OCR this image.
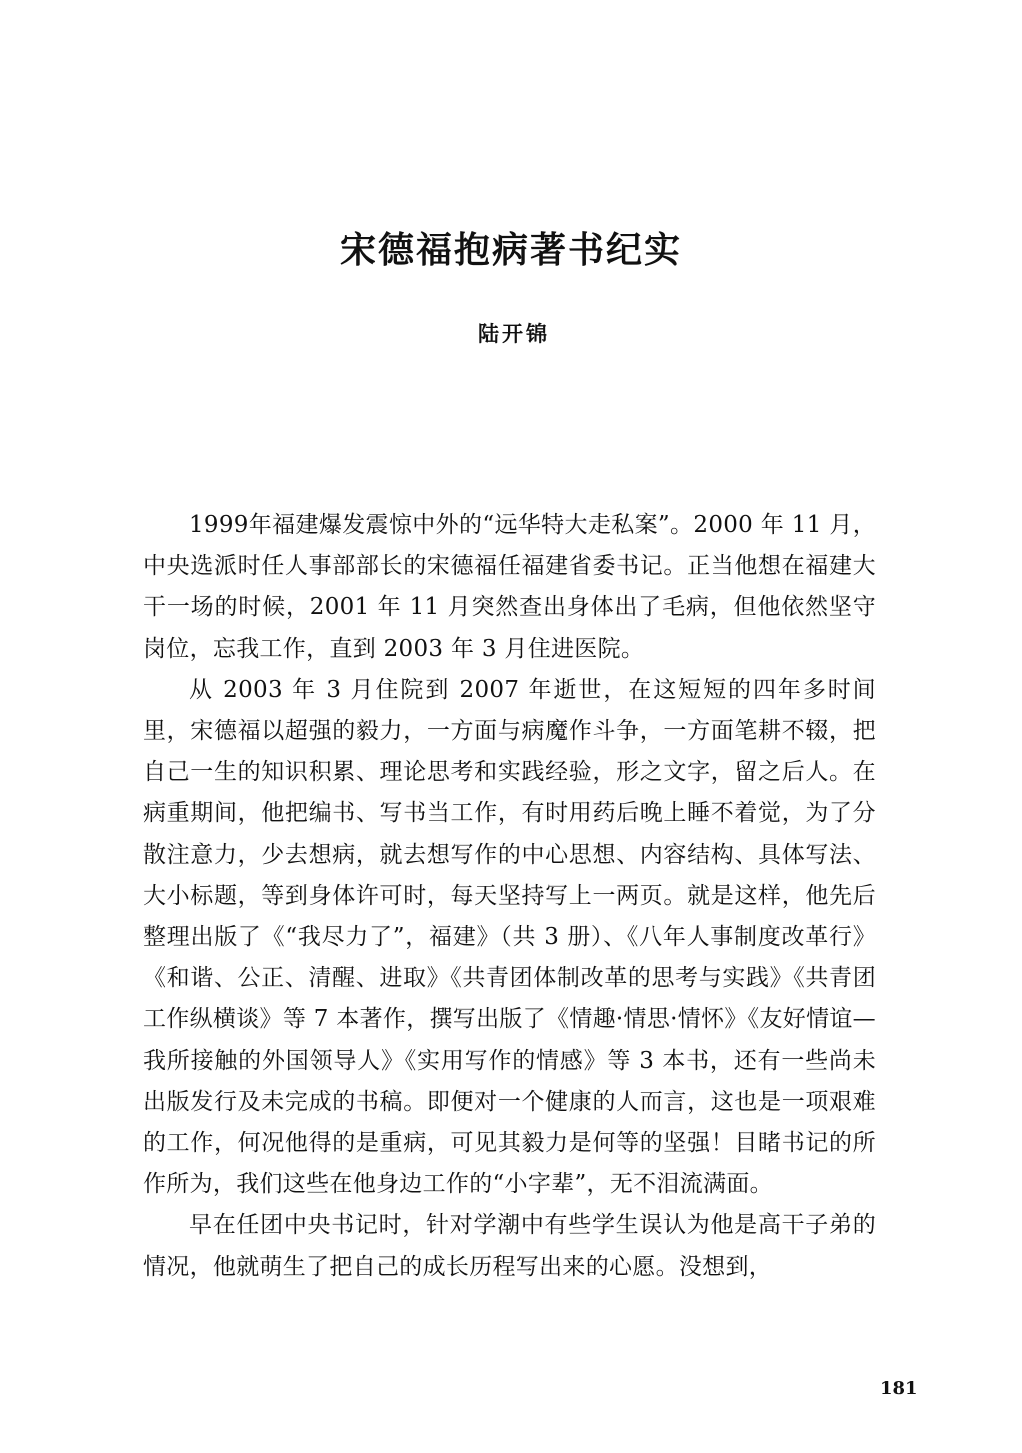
宋德福抱病著书纪实
陆开锦

1999年福建爆发震惊中外的“远华特大走私案”。2000 年 11 月，中央选派时任人事部部长的宋德福任福建省委书记。正当他想在福建大干一场的时候，2001 年 11 月突然查出身体出了毛病，但他依然坚守岗位，忘我工作，直到 2003 年 3 月住进医院。

从 2003 年 3 月住院到 2007 年逝世，在这短短的四年多时间里，宋德福以超强的毅力，一方面与病魔作斗争，一方面笔耕不辍，把自己一生的知识积累、理论思考和实践经验，形之文字，留之后人。在病重期间，他把编书、写书当工作，有时用药后晚上睡不着觉，为了分散注意力，少去想病，就去想写作的中心思想、内容结构、具体写法、大小标题，等到身体许可时，每天坚持写上一两页。就是这样，他先后整理出版了《“我尽力了”，福建》（共 3 册）、《八年人事制度改革行》《和谐、公正、清醒、进取》《共青团体制改革的思考与实践》《共青团工作纵横谈》等 7 本著作，撰写出版了《情趣·情思·情怀》《友好情谊—我所接触的外国领导人》《实用写作的情感》等 3 本书，还有一些尚未出版发行及未完成的书稿。即便对一个健康的人而言，这也是一项艰难的工作，何况他得的是重病，可见其毅力是何等的坚强！目睹书记的所作所为，我们这些在他身边工作的“小字辈”，无不泪流满面。

早在任团中央书记时，针对学潮中有些学生误认为他是高干子弟的情况，他就萌生了把自己的成长历程写出来的心愿。没想到，

181
